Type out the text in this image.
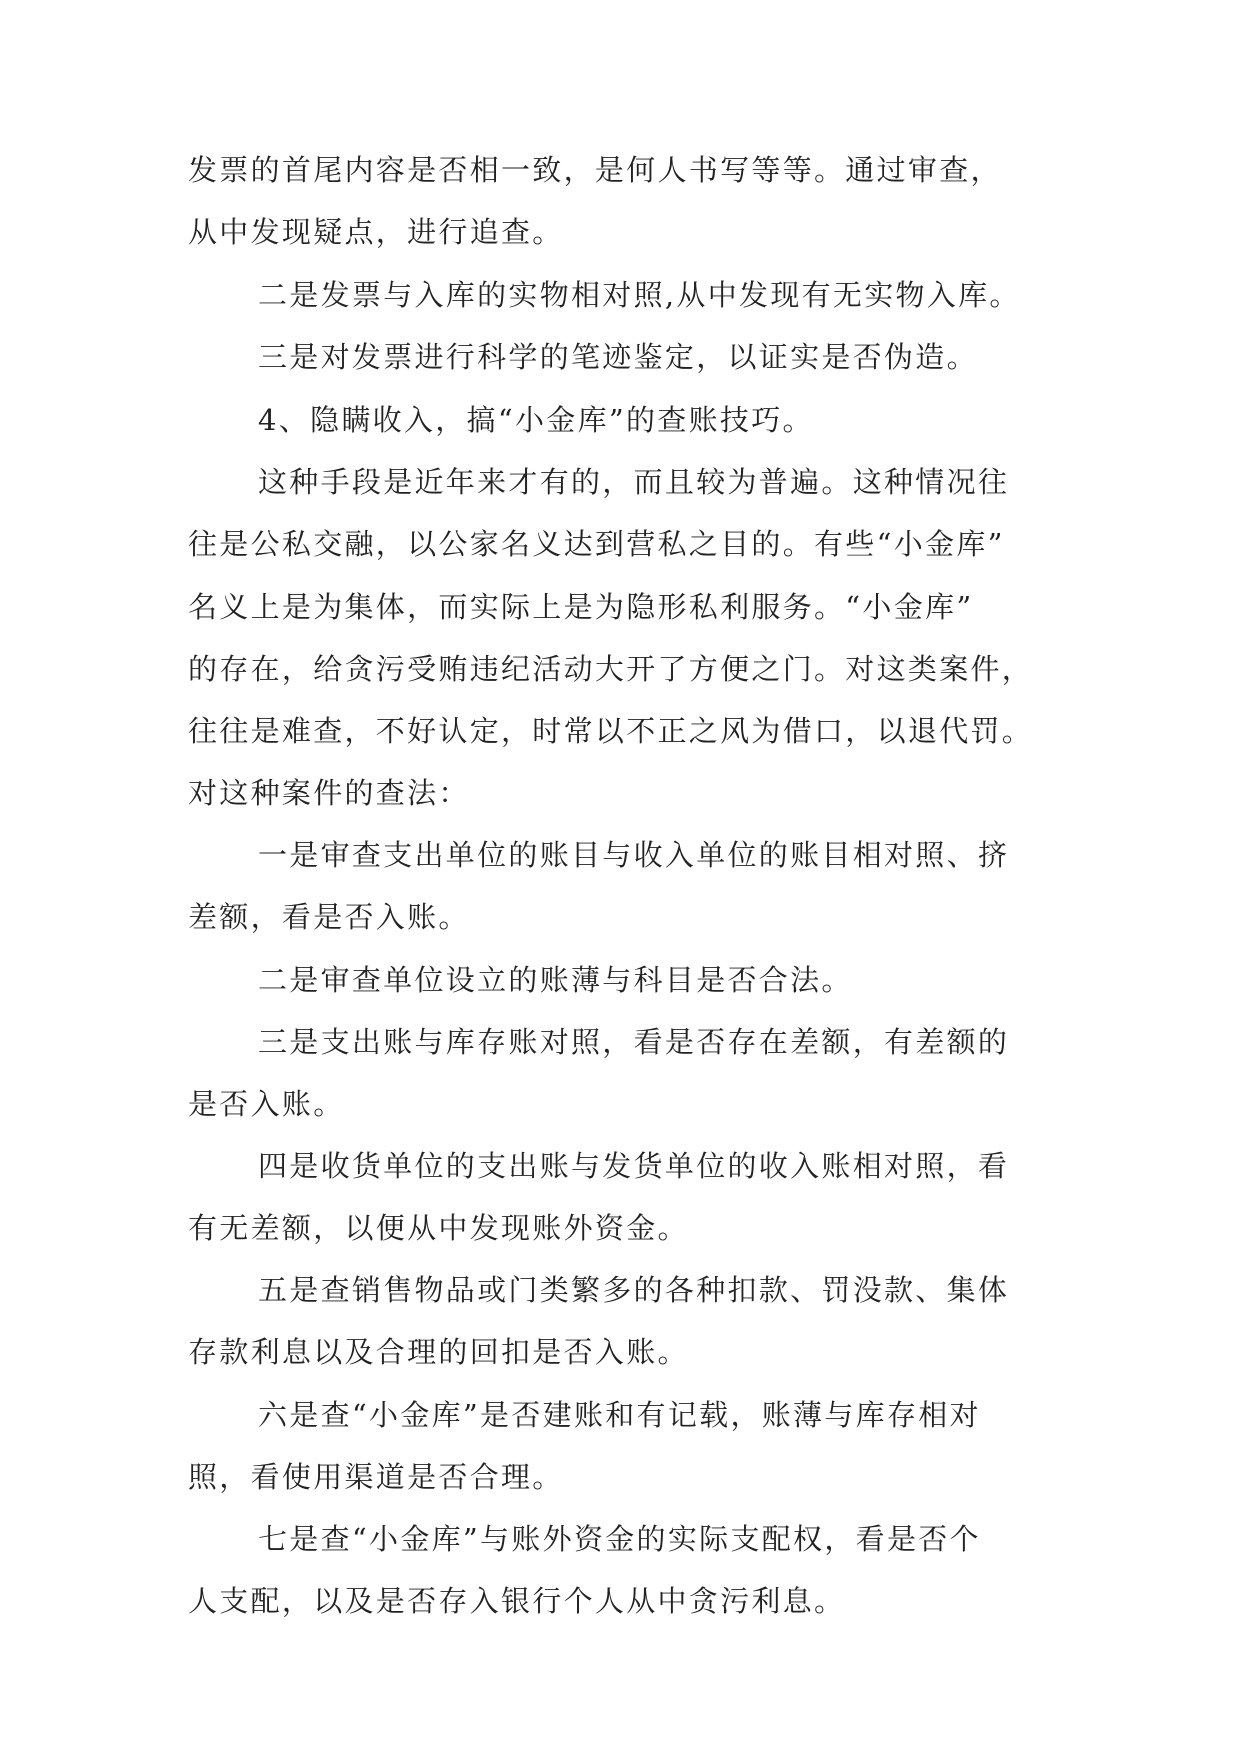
发票的首尾内容是否相一致，是何人书写等等。通过审查，
从中发现疑点，进行追查。
二是发票与入库的实物相对照,从中发现有无实物入库。
三是对发票进行科学的笔迹鉴定，以证实是否伪造。
4、隐瞒收入，搞“小金库”的查账技巧。
这种手段是近年来才有的，而且较为普遍。这种情况往
往是公私交融，以公家名义达到营私之目的。有些“小金库”
名义上是为集体，而实际上是为隐形私利服务。“小金库”
的存在，给贪污受贿违纪活动大开了方便之门。对这类案件，
往往是难查，不好认定，时常以不正之风为借口，以退代罚。
对这种案件的查法：
一是审查支出单位的账目与收入单位的账目相对照、挤
差额，看是否入账。
二是审查单位设立的账薄与科目是否合法。
三是支出账与库存账对照，看是否存在差额，有差额的
是否入账。
四是收货单位的支出账与发货单位的收入账相对照，看
有无差额，以便从中发现账外资金。
五是查销售物品或门类繁多的各种扣款、罚没款、集体
存款利息以及合理的回扣是否入账。
六是查“小金库”是否建账和有记载，账薄与库存相对
照，看使用渠道是否合理。
七是查“小金库”与账外资金的实际支配权，看是否个
人支配，以及是否存入银行个人从中贪污利息。
